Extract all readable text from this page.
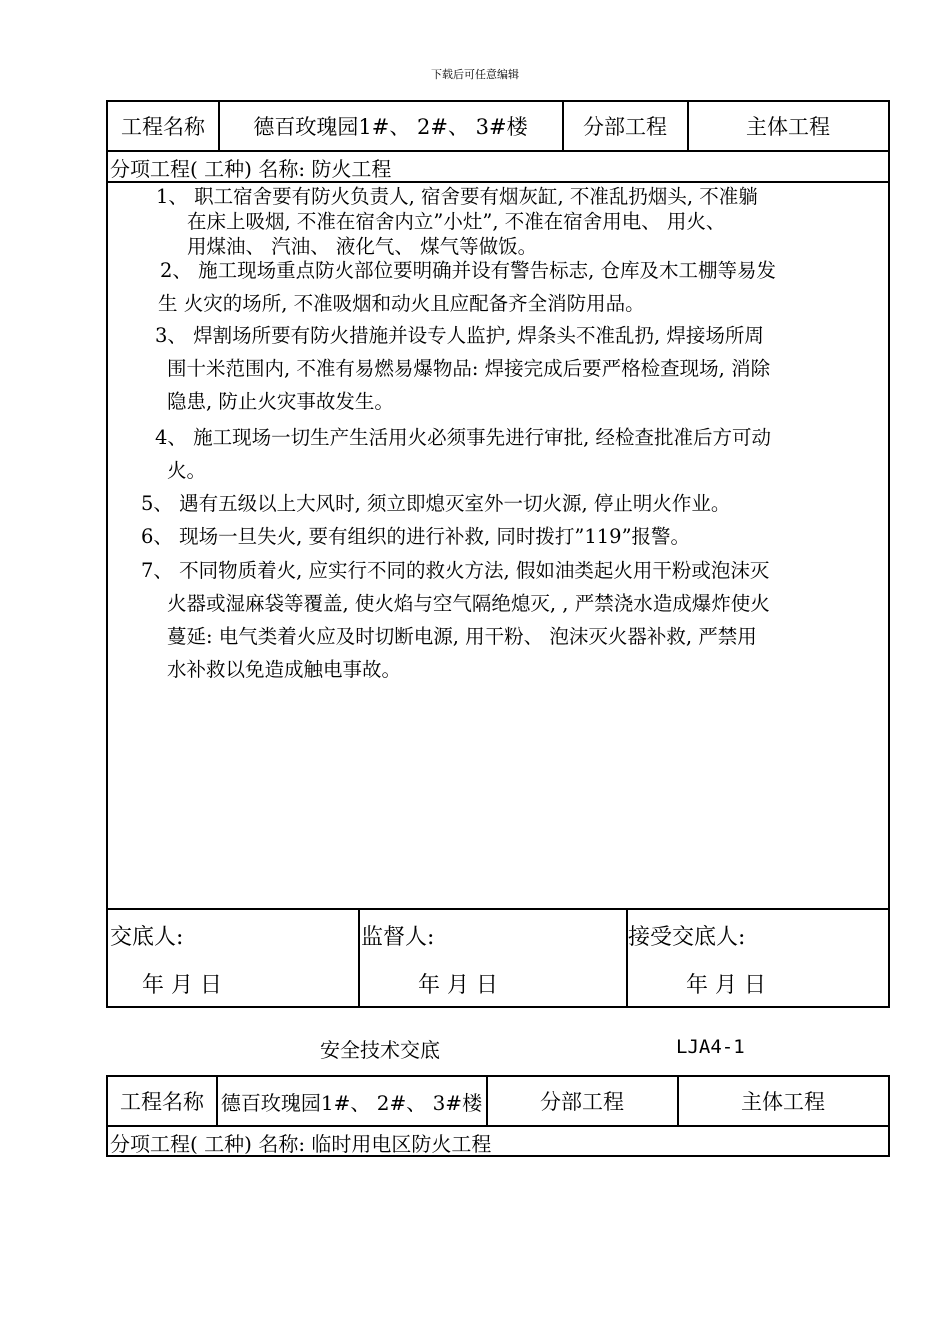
下载后可任意编辑
工程名称	德百玫瑰园1#、 2#、 3#楼	分部工程	主体工程
分项工程( 工种) 名称: 防火工程
1、 职工宿舍要有防火负责人, 宿舍要有烟灰缸, 不准乱扔烟头, 不准躺
在床上吸烟, 不准在宿舍内立”小灶”, 不准在宿舍用电、 用火、
用煤油、 汽油、 液化气、 煤气等做饭。
2、 施工现场重点防火部位要明确并设有警告标志, 仓库及木工棚等易发
生 火灾的场所, 不准吸烟和动火且应配备齐全消防用品。
3、 焊割场所要有防火措施并设专人监护, 焊条头不准乱扔, 焊接场所周
围十米范围内, 不准有易燃易爆物品: 焊接完成后要严格检查现场, 消除
隐患, 防止火灾事故发生。
4、 施工现场一切生产生活用火必须事先进行审批, 经检查批准后方可动
火。
5、 遇有五级以上大风时, 须立即熄灭室外一切火源, 停止明火作业。
6、 现场一旦失火, 要有组织的进行补救, 同时拨打”119”报警。
7、 不同物质着火, 应实行不同的救火方法, 假如油类起火用干粉或泡沫灭
火器或湿麻袋等覆盖, 使火焰与空气隔绝熄灭, , 严禁浇水造成爆炸使火
蔓延: 电气类着火应及时切断电源, 用干粉、 泡沫灭火器补救, 严禁用
水补救以免造成触电事故。
交底人:
年 月 日
监督人:
年 月 日
接受交底人:
年 月 日
安全技术交底	LJA4-1
工程名称 德百玫瑰园1#、 2#、 3#楼	分部工程	主体工程
分项工程( 工种) 名称: 临时用电区防火工程
